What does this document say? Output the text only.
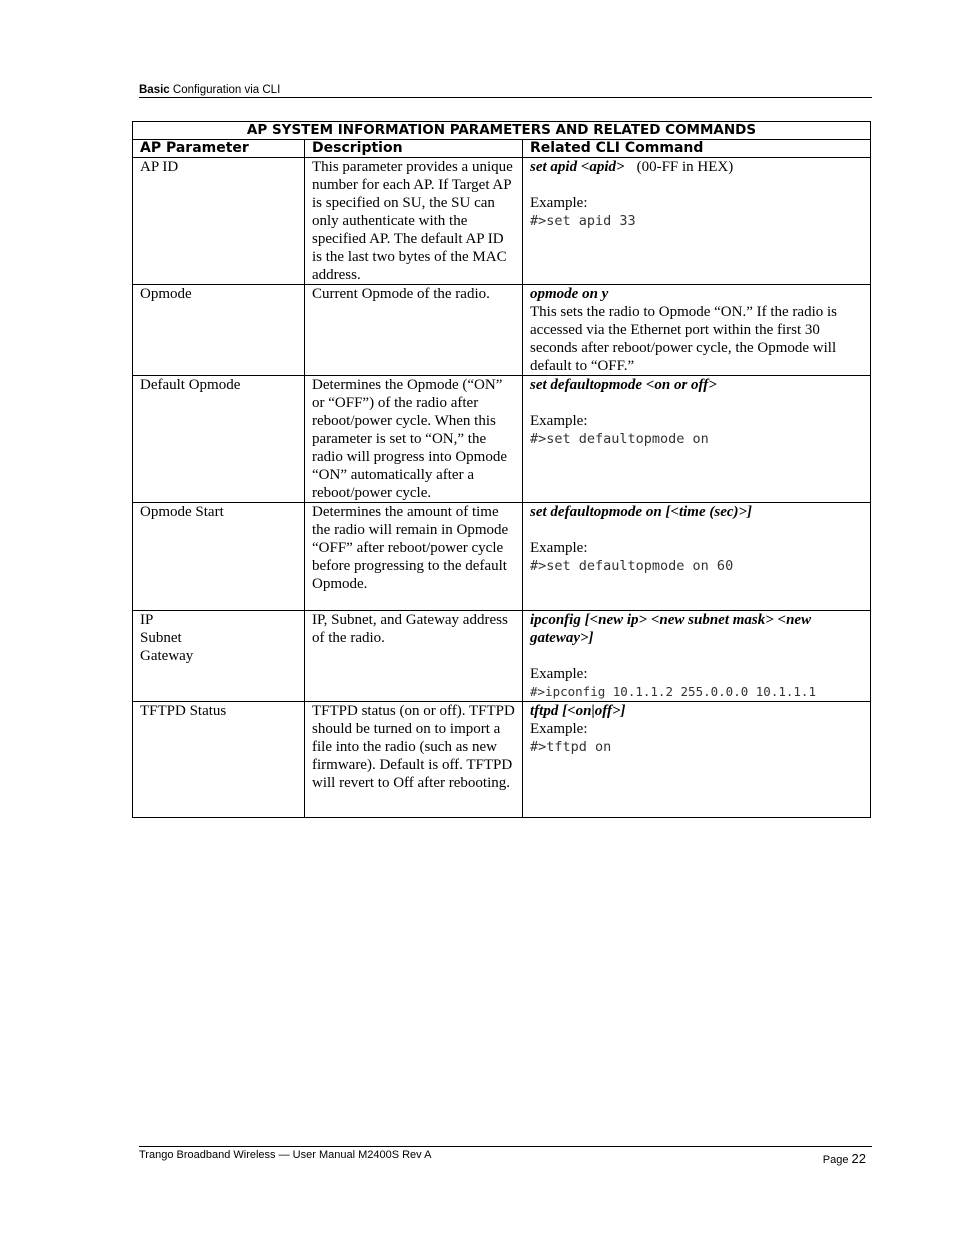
Basic Configuration via CLI
AP SYSTEM INFORMATION PARAMETERS AND RELATED COMMANDS		
AP Parameter	Description	Related CLI Command

AP ID	This parameter provides a unique number for each AP. If Target AP is specified on SU, the SU can only authenticate with the specified AP. The default AP ID is the last two bytes of the MAC address.	set apid <apid> (00-FF in HEX)
Example:
#>set apid 33

Opmode	Current Opmode of the radio.	opmode on y
This sets the radio to Opmode “ON.” If the radio is accessed via the Ethernet port within the first 30 seconds after reboot/power cycle, the Opmode will default to “OFF.”

Default Opmode	Determines the Opmode (“ON” or “OFF”) of the radio after reboot/power cycle. When this parameter is set to “ON,” the radio will progress into Opmode “ON” automatically after a reboot/power cycle.	set defaultopmode <on or off>
Example:
#>set defaultopmode on

Opmode Start	Determines the amount of time the radio will remain in Opmode “OFF” after reboot/power cycle before progressing to the default Opmode.	set defaultopmode on [<time (sec)>]
Example:
#>set defaultopmode on 60

IP
Subnet
Gateway	IP, Subnet, and Gateway address of the radio.	ipconfig [<new ip> <new subnet mask> <new gateway>]
Example:
#>ipconfig 10.1.1.2 255.0.0.0 10.1.1.1

TFTPD Status	TFTPD status (on or off). TFTPD should be turned on to import a file into the radio (such as new firmware). Default is off. TFTPD will revert to Off after rebooting.	tftpd [<on|off>]
Example:
#>tftpd on
Trango Broadband Wireless — User Manual M2400S Rev A	Page 22
